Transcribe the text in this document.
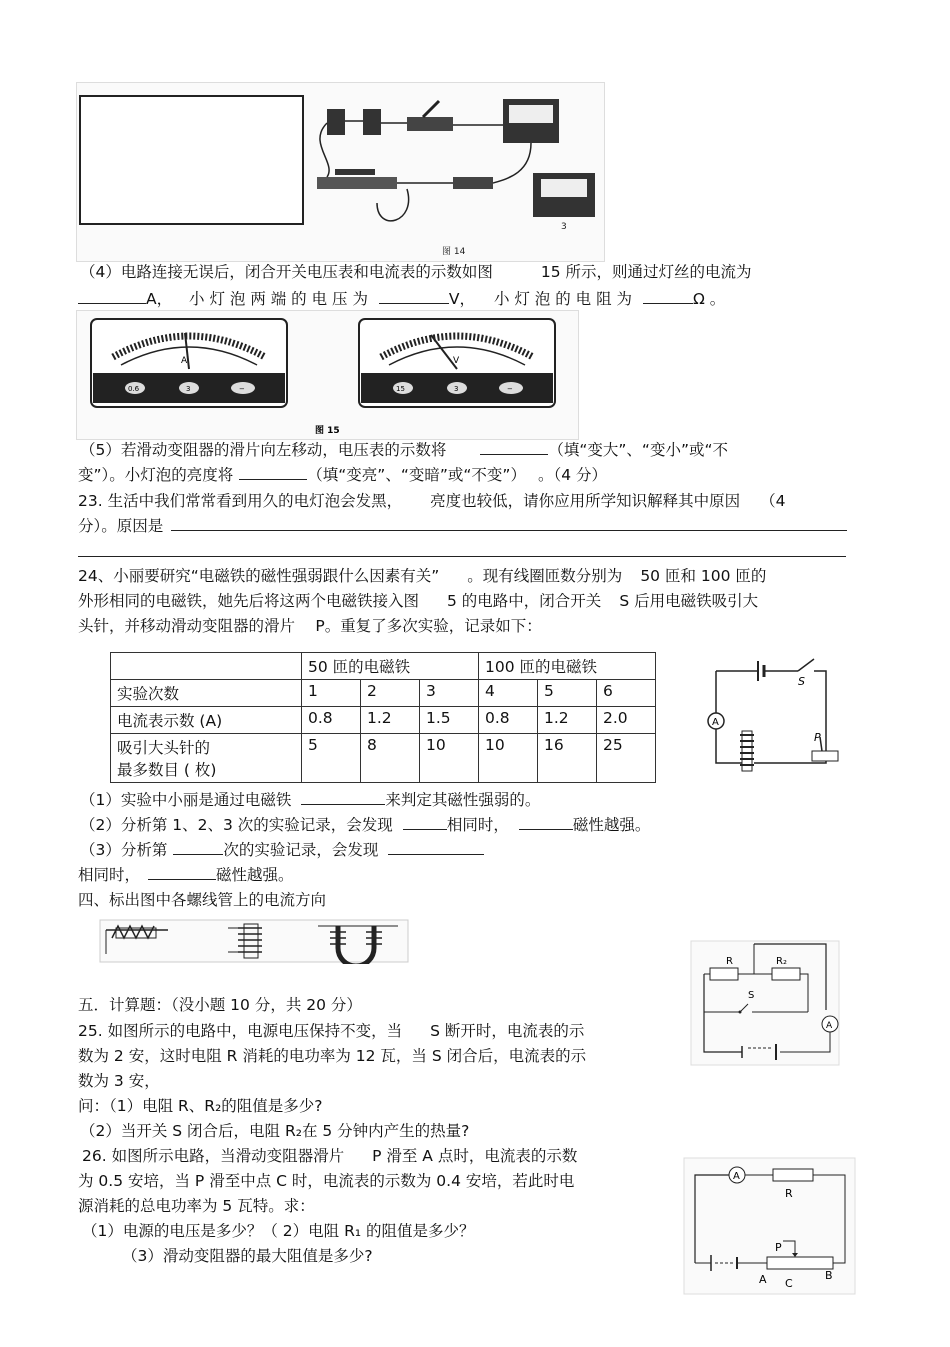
图 14
3
（4）电路连接无误后，闭合开关电压表和电流表的示数如图	15 所示，则通过灯丝的电流为
A， 小 灯 泡 两 端 的 电 压 为	V， 小 灯 泡 的 电 阻 为	Ω 。
A
0.6	3	−
V
15	3	−
图 15
（5）若滑动变阻器的滑片向左移动，电压表的示数将	（填“变大”、“变小”或“不
变”）。小灯泡的亮度将	（填“变亮”、“变暗”或“不变”） 。（4 分）
23. 生活中我们常常看到用久的电灯泡会发黑， 亮度也较低，请你应用所学知识解释其中原因 （4
分）。原因是
24、小丽要研究“电磁铁的磁性强弱跟什么因素有关” 。现有线圈匝数分别为 50 匝和 100 匝的
外形相同的电磁铁，她先后将这两个电磁铁接入图 5 的电路中，闭合开关 S 后用电磁铁吸引大
头针，并移动滑动变阻器的滑片　 P。重复了多次实验，记录如下：
	50 匝的电磁铁			100 匝的电磁铁		
实验次数	1	2	3	4	5	6
电流表示数 (A)	0.8	1.2	1.5	0.8	1.2	2.0
吸引大头针的
最多数目 ( 枚)	5	8	10	10	16	25
S
A
P
（1）实验中小丽是通过电磁铁	来判定其磁性强弱的。
（2）分析第 1、2、3 次的实验记录，会发现	相同时，	磁性越强。
（3）分析第	次的实验记录，会发现
相同时，	磁性越强。
四、标出图中各螺线管上的电流方向
R	R₂
S
A
五．计算题：（没小题 10 分，共 20 分）
25. 如图所示的电路中，电源电压保持不变，当 S 断开时，电流表的示
数为 2 安，这时电阻 R 消耗的电功率为 12 瓦，当 S 闭合后，电流表的示
数为 3 安，
问：（1）电阻 R、R₂的阻值是多少?
（2）当开关 S 闭合后，电阻 R₂在 5 分钟内产生的热量?
26. 如图所示电路，当滑动变阻器滑片 P 滑至 A 点时，电流表的示数
为 0.5 安培，当 P 滑至中点 C 时，电流表的示数为 0.4 安培，若此时电
源消耗的总电功率为 5 瓦特。求：
（1）电源的电压是多少？（ 2）电阻 R₁ 的阻值是多少？
（3）滑动变阻器的最大阻值是多少?
A
R
P
A C
B
